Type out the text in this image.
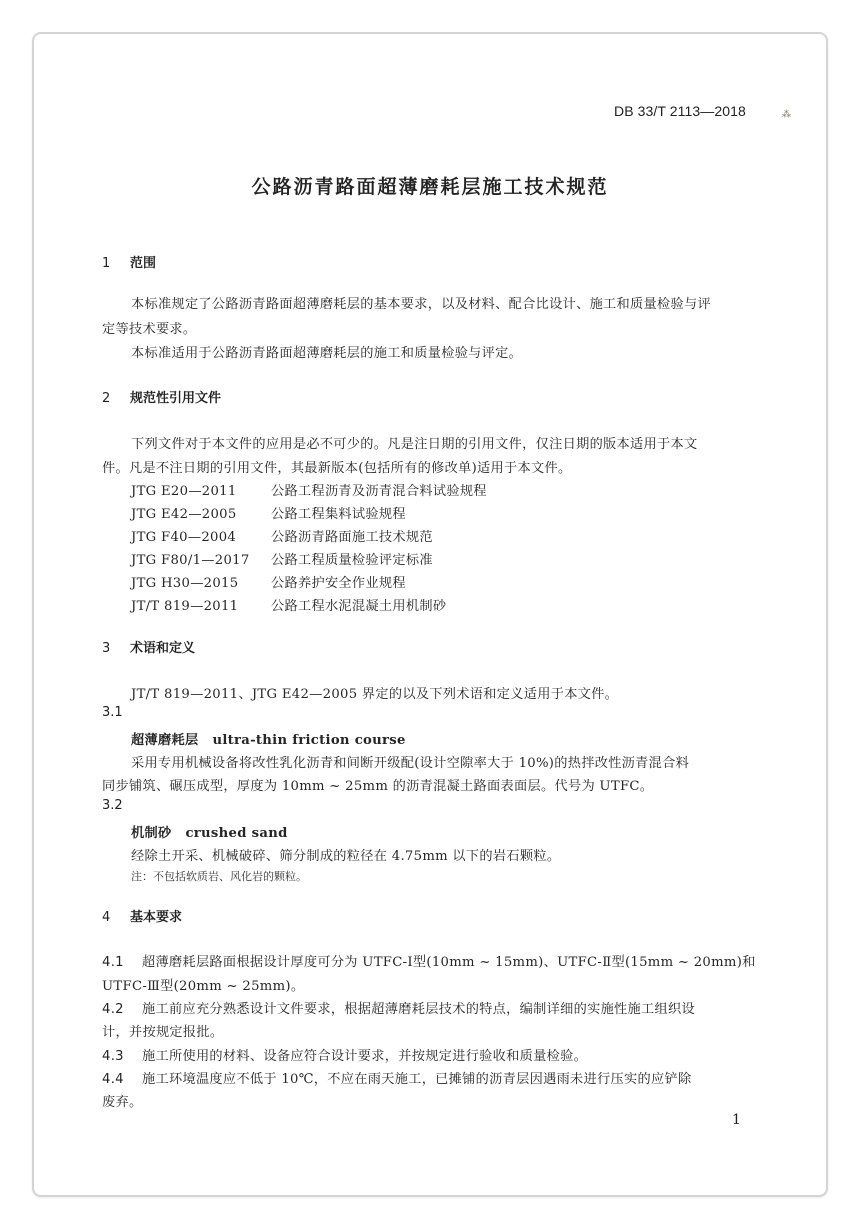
DB 33/T 2113—2018	⁂
公路沥青路面超薄磨耗层施工技术规范
1 范围
本标准规定了公路沥青路面超薄磨耗层的基本要求，以及材料、配合比设计、施工和质量检验与评
定等技术要求。
本标准适用于公路沥青路面超薄磨耗层的施工和质量检验与评定。
2 规范性引用文件
下列文件对于本文件的应用是必不可少的。凡是注日期的引用文件，仅注日期的版本适用于本文
件。凡是不注日期的引用文件，其最新版本(包括所有的修改单)适用于本文件。
JTG E20—2011	公路工程沥青及沥青混合料试验规程
JTG E42—2005	公路工程集料试验规程
JTG F40—2004	公路沥青路面施工技术规范
JTG F80/1—2017 公路工程质量检验评定标准
JTG H30—2015 公路养护安全作业规程
JT/T 819—2011 公路工程水泥混凝土用机制砂
3 术语和定义
JT/T 819—2011、JTG E42—2005 界定的以及下列术语和定义适用于本文件。
3.1
超薄磨耗层 ultra-thin friction course
采用专用机械设备将改性乳化沥青和间断开级配(设计空隙率大于 10%)的热拌改性沥青混合料
同步铺筑、碾压成型，厚度为 10mm ~ 25mm 的沥青混凝土路面表面层。代号为 UTFC。
3.2
机制砂 crushed sand
经除土开采、机械破碎、筛分制成的粒径在 4.75mm 以下的岩石颗粒。
注：不包括软质岩、风化岩的颗粒。
4 基本要求
4.1 超薄磨耗层路面根据设计厚度可分为 UTFC-Ⅰ型(10mm ~ 15mm)、UTFC-Ⅱ型(15mm ~ 20mm)和
UTFC-Ⅲ型(20mm ~ 25mm)。
4.2 施工前应充分熟悉设计文件要求，根据超薄磨耗层技术的特点，编制详细的实施性施工组织设
计，并按规定报批。
4.3 施工所使用的材料、设备应符合设计要求，并按规定进行验收和质量检验。
4.4 施工环境温度应不低于 10℃，不应在雨天施工，已摊铺的沥青层因遇雨未进行压实的应铲除
废弃。
1
